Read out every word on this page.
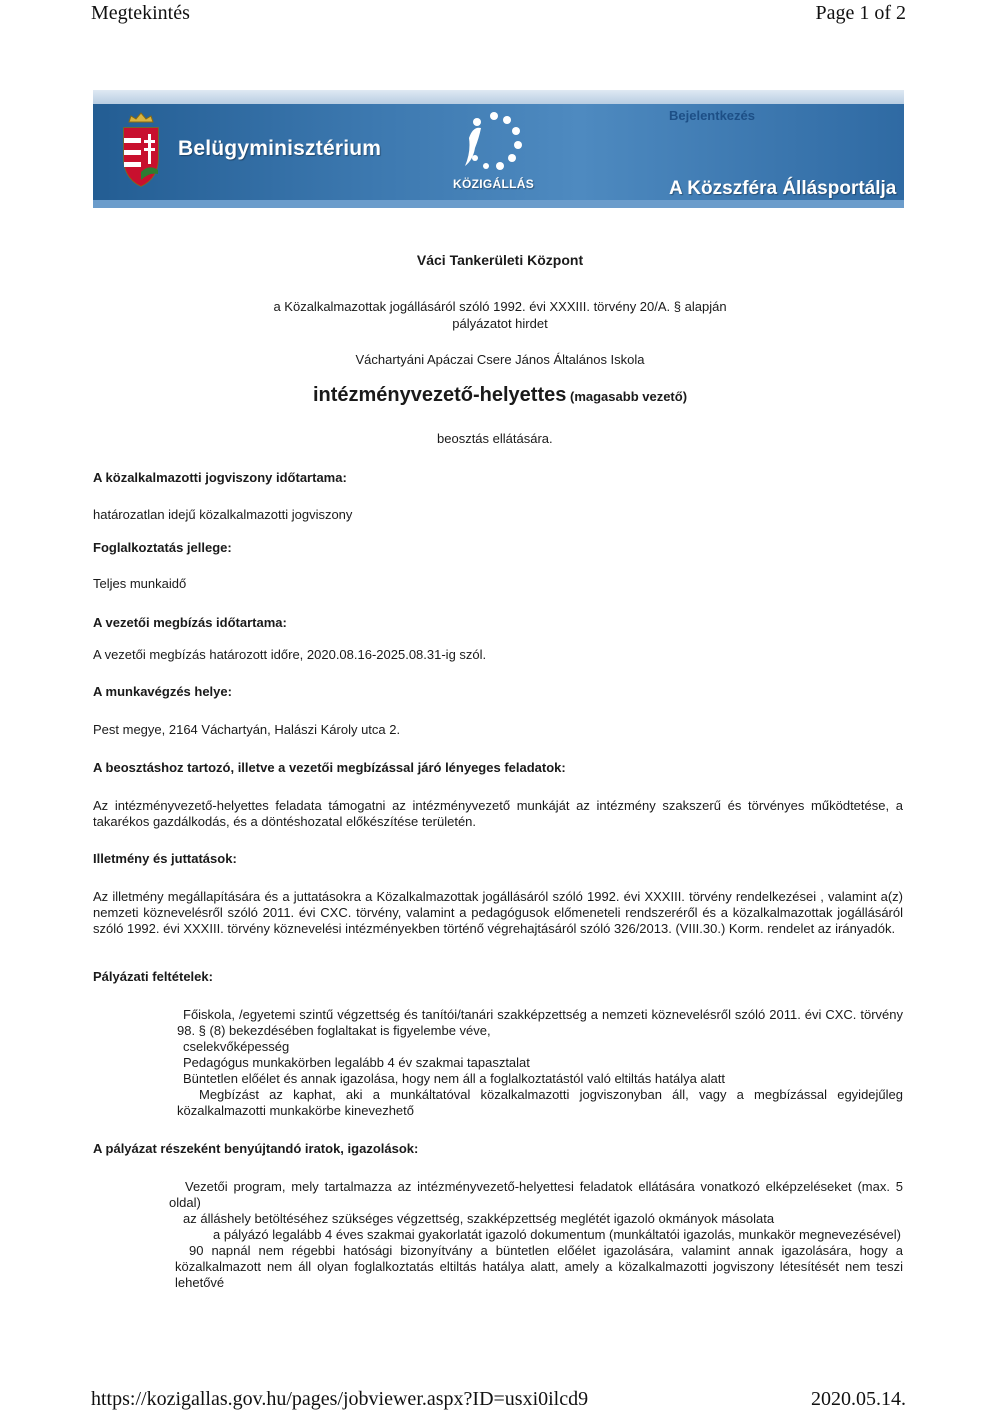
Megtekintés	Page 1 of 2
Belügyminisztérium
KÖZIGÁLLÁS
Bejelentkezés
A Közszféra Állásportálja
Váci Tankerületi Központ
a Közalkalmazottak jogállásáról szóló 1992. évi XXXIII. törvény 20/A. § alapján
pályázatot hirdet
Váchartyáni Apáczai Csere János Általános Iskola
intézményvezető-helyettes (magasabb vezető)
beosztás ellátására.
A közalkalmazotti jogviszony időtartama:
határozatlan idejű közalkalmazotti jogviszony
Foglalkoztatás jellege:
Teljes munkaidő
A vezetői megbízás időtartama:
A vezetői megbízás határozott időre, 2020.08.16-2025.08.31-ig szól.
A munkavégzés helye:
Pest megye, 2164 Váchartyán, Halászi Károly utca 2.
A beosztáshoz tartozó, illetve a vezetői megbízással járó lényeges feladatok:
Az intézményvezető-helyettes feladata támogatni az intézményvezető munkáját az intézmény szakszerű és törvényes működtetése, a takarékos gazdálkodás, és a döntéshozatal előkészítése területén.
Illetmény és juttatások:
Az illetmény megállapítására és a juttatásokra a Közalkalmazottak jogállásáról szóló 1992. évi XXXIII. törvény rendelkezései , valamint a(z) nemzeti köznevelésről szóló 2011. évi CXC. törvény, valamint a pedagógusok előmeneteli rendszeréről és a közalkalmazottak jogállásáról szóló 1992. évi XXXIII. törvény köznevelési intézményekben történő végrehajtásáról szóló 326/2013. (VIII.30.) Korm. rendelet az irányadók.
Pályázati feltételek:
Főiskola, /egyetemi szintű végzettség és tanítói/tanári szakképzettség a nemzeti köznevelésről szóló 2011. évi CXC. törvény 98. § (8) bekezdésében foglaltakat is figyelembe véve,
cselekvőképesség
Pedagógus munkakörben legalább 4 év szakmai tapasztalat
Büntetlen előélet és annak igazolása, hogy nem áll a foglalkoztatástól való eltiltás hatálya alatt
Megbízást az kaphat, aki a munkáltatóval közalkalmazotti jogviszonyban áll, vagy a megbízással egyidejűleg közalkalmazotti munkakörbe kinevezhető
A pályázat részeként benyújtandó iratok, igazolások:
Vezetői program, mely tartalmazza az intézményvezető-helyettesi feladatok ellátására vonatkozó elképzeléseket (max. 5 oldal)
az álláshely betöltéséhez szükséges végzettség, szakképzettség meglétét igazoló okmányok másolata
a pályázó legalább 4 éves szakmai gyakorlatát igazoló dokumentum (munkáltatói igazolás, munkakör megnevezésével)
90 napnál nem régebbi hatósági bizonyítvány a büntetlen előélet igazolására, valamint annak igazolására, hogy a közalkalmazott nem áll olyan foglalkoztatás eltiltás hatálya alatt, amely a közalkalmazotti jogviszony létesítését nem teszi lehetővé
https://kozigallas.gov.hu/pages/jobviewer.aspx?ID=usxi0ilcd9	2020.05.14.
